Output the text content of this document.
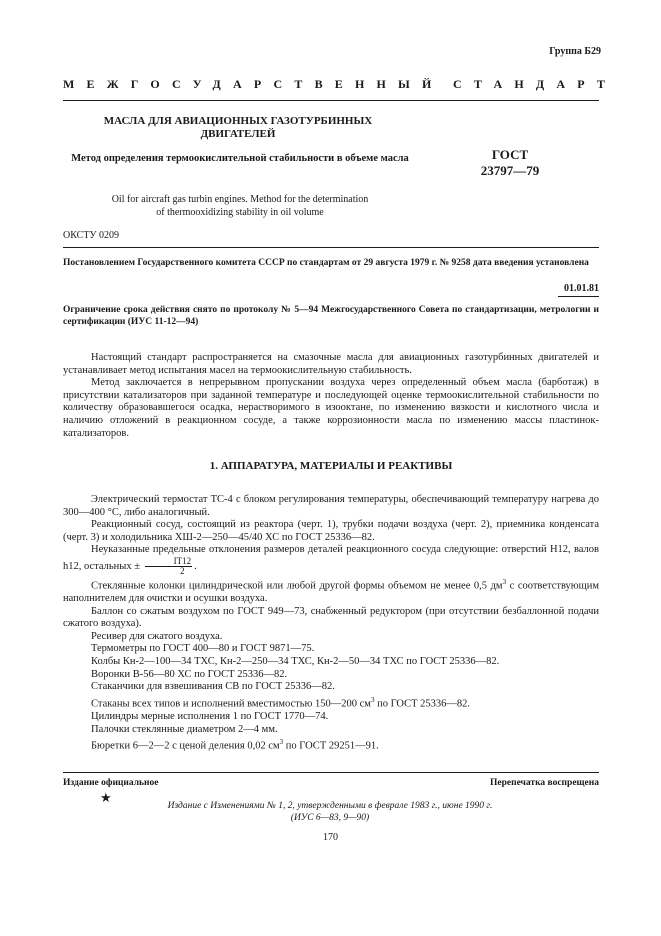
Группа Б29
МЕЖГОСУДАРСТВЕННЫЙ СТАНДАРТ
МАСЛА ДЛЯ АВИАЦИОННЫХ ГАЗОТУРБИННЫХ ДВИГАТЕЛЕЙ
Метод определения термоокислительной стабильности в объеме масла	ГОСТ
23797—79
Oil for aircraft gas turbin engines. Method for the determination
of thermooxidizing stability in oil volume
ОКСТУ 0209
Постановлением Государственного комитета СССР по стандартам от 29 августа 1979 г. № 9258 дата введения установлена
01.01.81
Ограничение срока действия снято по протоколу № 5—94 Межгосударственного Совета по стандартизации, метрологии и сертификации (ИУС 11-12—94)

Настоящий стандарт распространяется на смазочные масла для авиационных газотурбинных двигателей и устанавливает метод испытания масел на термоокислительную стабильность.

Метод заключается в непрерывном пропускании воздуха через определенный объем масла (барботаж) в присутствии катализаторов при заданной температуре и последующей оценке термоокислительной стабильности по количеству образовавшегося осадка, нерастворимого в изооктане, по изменению вязкости и кислотного числа и наличию отложений в реакционном сосуде, а также коррозионности масла по изменению массы пластинок-катализаторов.

1. АППАРАТУРА, МАТЕРИАЛЫ И РЕАКТИВЫ

Электрический термостат ТС-4 с блоком регулирования температуры, обеспечивающий температуру нагрева до 300—400 °С, либо аналогичный.

Реакционный сосуд, состоящий из реактора (черт. 1), трубки подачи воздуха (черт. 2), приемника конденсата (черт. 3) и холодильника ХШ-2—250—45/40 ХС по ГОСТ 25336—82.

Неуказанные предельные отклонения размеров деталей реакционного сосуда следующие: отверстий Н12, валов h12, остальных ± $\frac{IT12}{2}$ .

Стеклянные колонки цилиндрической или любой другой формы объемом не менее 0,5 $дм^3$ с соответствующим наполнителем для очистки и осушки воздуха.

Баллон со сжатым воздухом по ГОСТ 949—73, снабженный редуктором (при отсутствии безбаллонной подачи сжатого воздуха).

Ресивер для сжатого воздуха.

Термометры по ГОСТ 400—80 и ГОСТ 9871—75.

Колбы Кн-2—100—34 ТХС, Кн-2—250—34 ТХС, Кн-2—50—34 ТХС по ГОСТ 25336—82.

Воронки В-56—80 ХС по ГОСТ 25336—82.

Стаканчики для взвешивания СВ по ГОСТ 25336—82.

Стаканы всех типов и исполнений вместимостью 150—200 $см^3$ по ГОСТ 25336—82.

Цилиндры мерные исполнения 1 по ГОСТ 1770—74.

Палочки стеклянные диаметром 2—4 мм.

Бюретки 6—2—2 с ценой деления 0,02 $см^3$ по ГОСТ 29251—91.

Издание официальное	Перепечатка воспрещена
★
Издание с Изменениями № 1, 2, утвержденными в феврале 1983 г., июне 1990 г.
(ИУС 6—83, 9—90)
170
